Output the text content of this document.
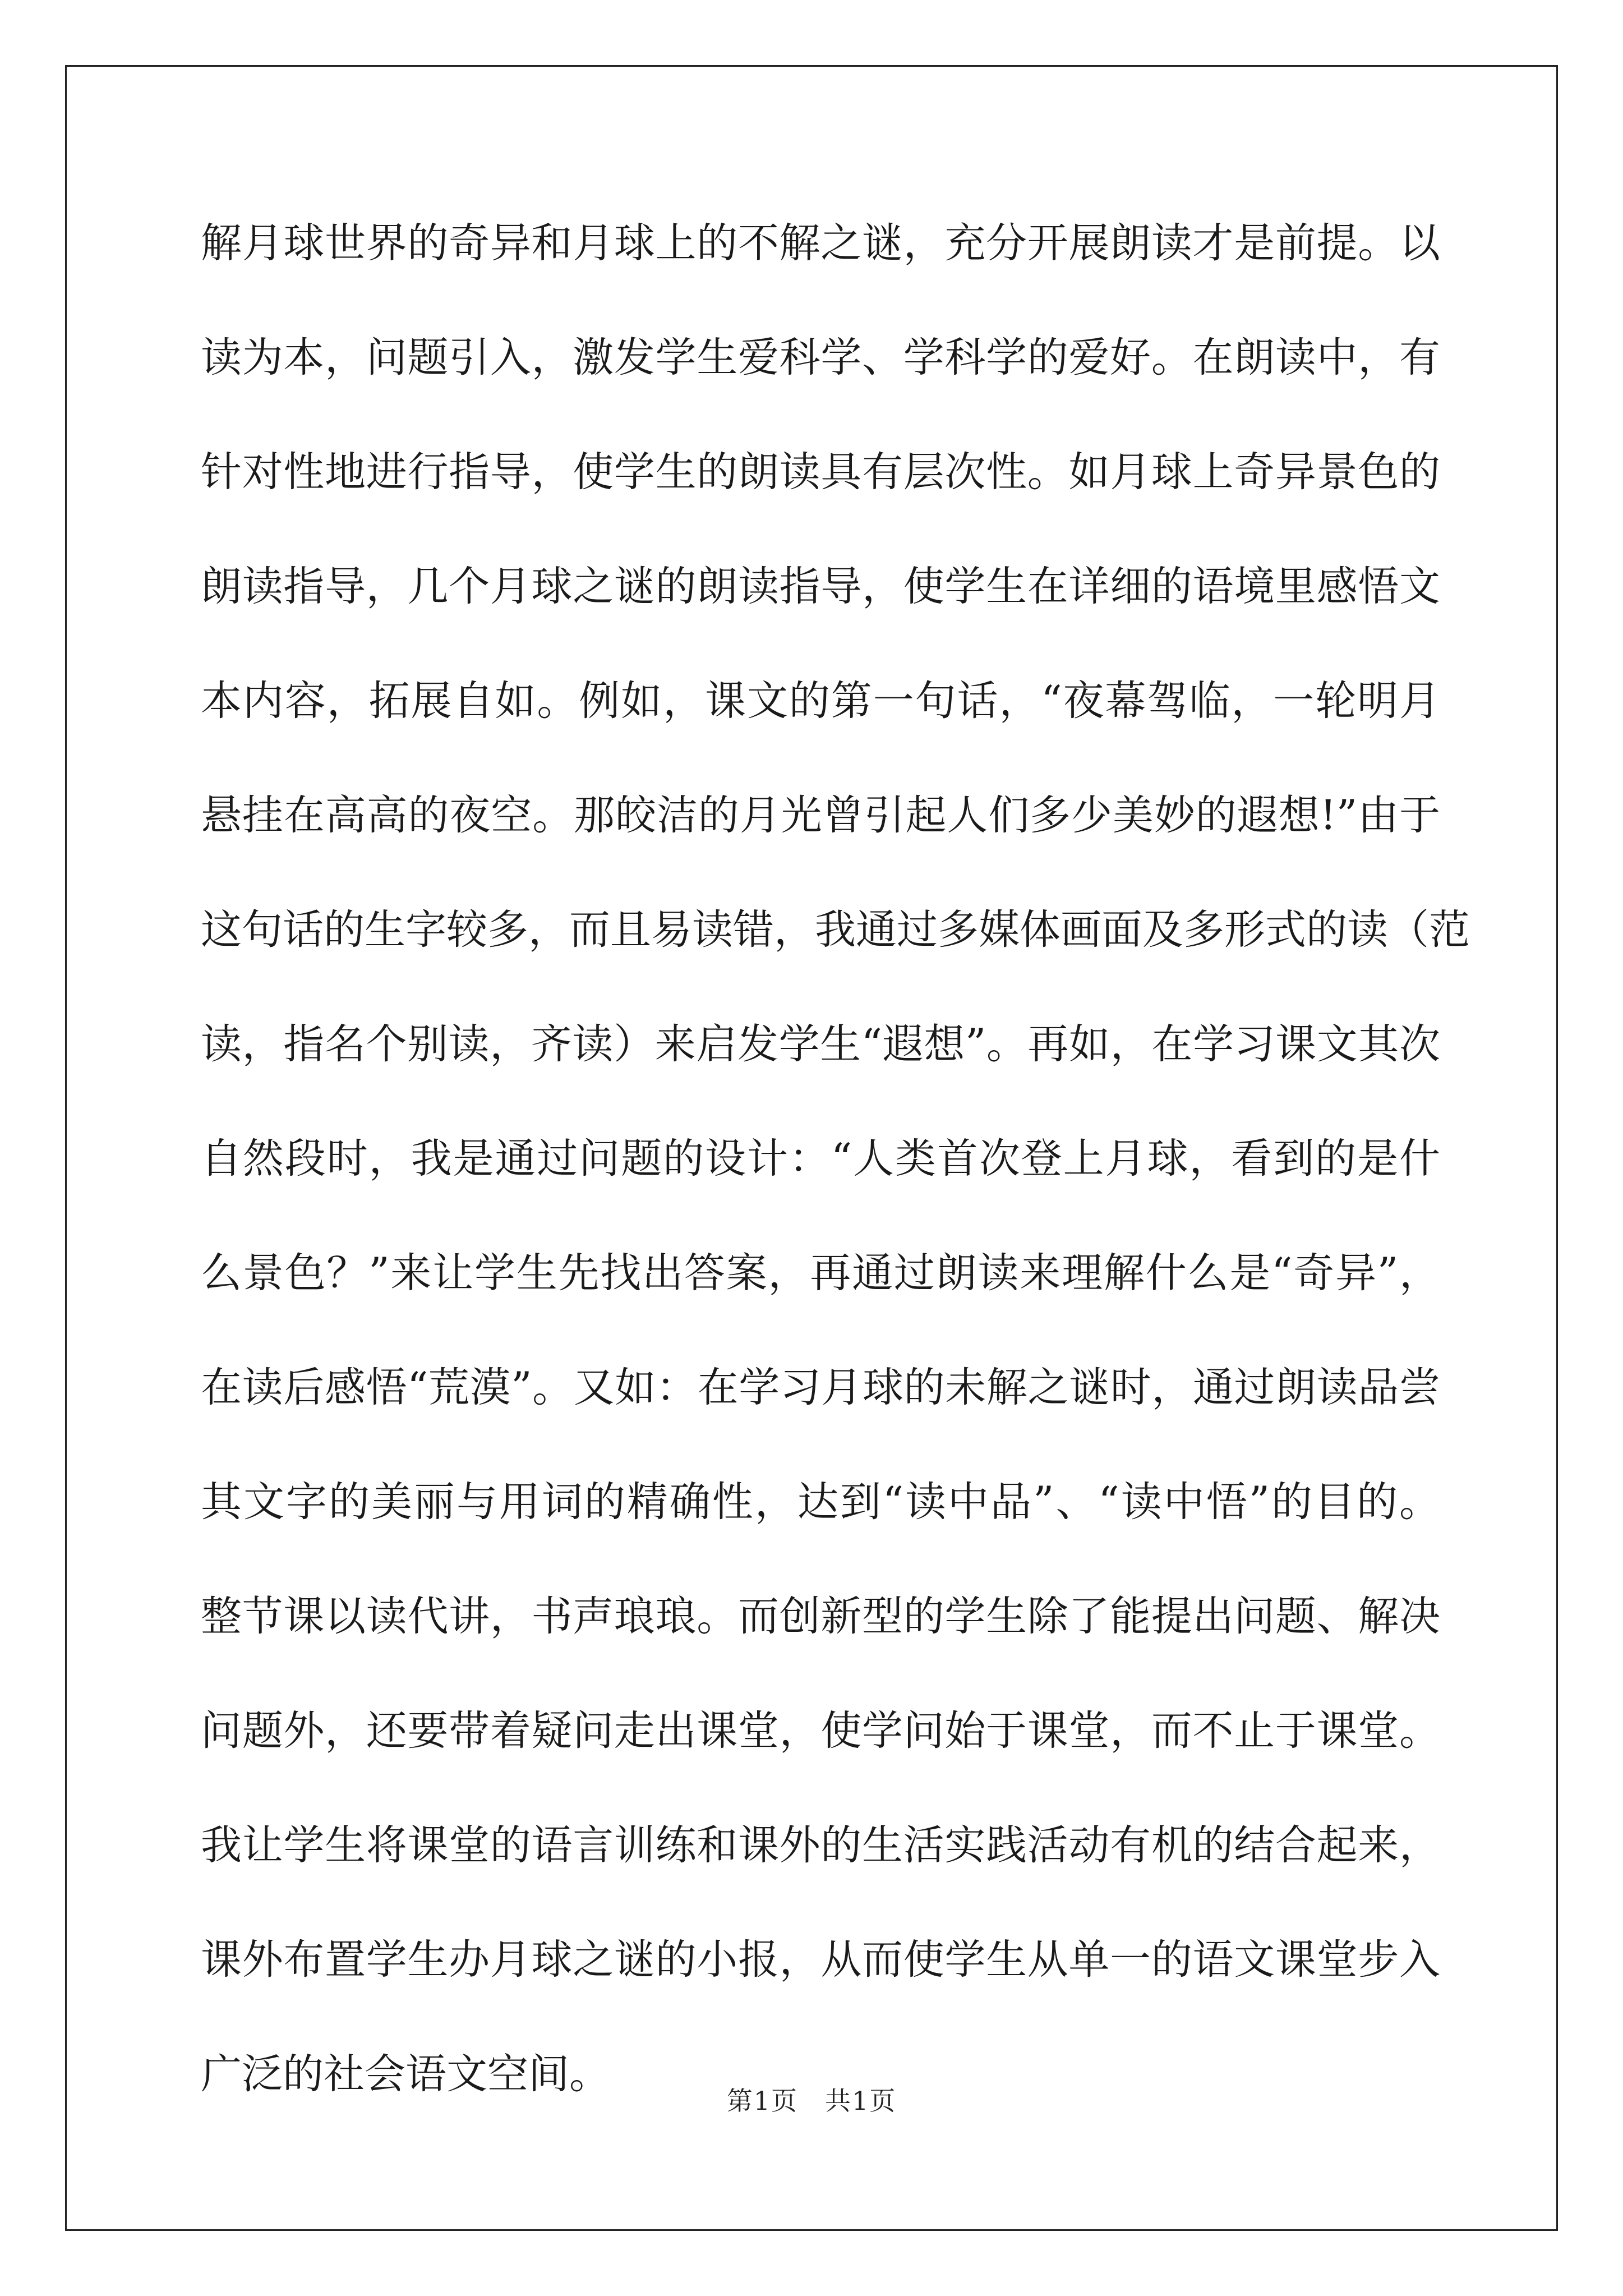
解月球世界的奇异和月球上的不解之谜，充分开展朗读才是前提。以
读为本，问题引入，激发学生爱科学、学科学的爱好。在朗读中，有
针对性地进行指导，使学生的朗读具有层次性。如月球上奇异景色的
朗读指导，几个月球之谜的朗读指导，使学生在详细的语境里感悟文
本内容，拓展自如。例如，课文的第一句话，“夜幕驾临，一轮明月
悬挂在高高的夜空。那皎洁的月光曾引起人们多少美妙的遐想!”由于
这句话的生字较多，而且易读错，我通过多媒体画面及多形式的读（范
读，指名个别读，齐读）来启发学生“遐想”。再如，在学习课文其次
自然段时，我是通过问题的设计：“人类首次登上月球，看到的是什
么景色？”来让学生先找出答案，再通过朗读来理解什么是“奇异”，
在读后感悟“荒漠”。又如：在学习月球的未解之谜时，通过朗读品尝
其文字的美丽与用词的精确性，达到“读中品”、“读中悟”的目的。
整节课以读代讲，书声琅琅。而创新型的学生除了能提出问题、解决
问题外，还要带着疑问走出课堂，使学问始于课堂，而不止于课堂。
我让学生将课堂的语言训练和课外的生活实践活动有机的结合起来，
课外布置学生办月球之谜的小报，从而使学生从单一的语文课堂步入
广泛的社会语文空间。
第1页 共1页
